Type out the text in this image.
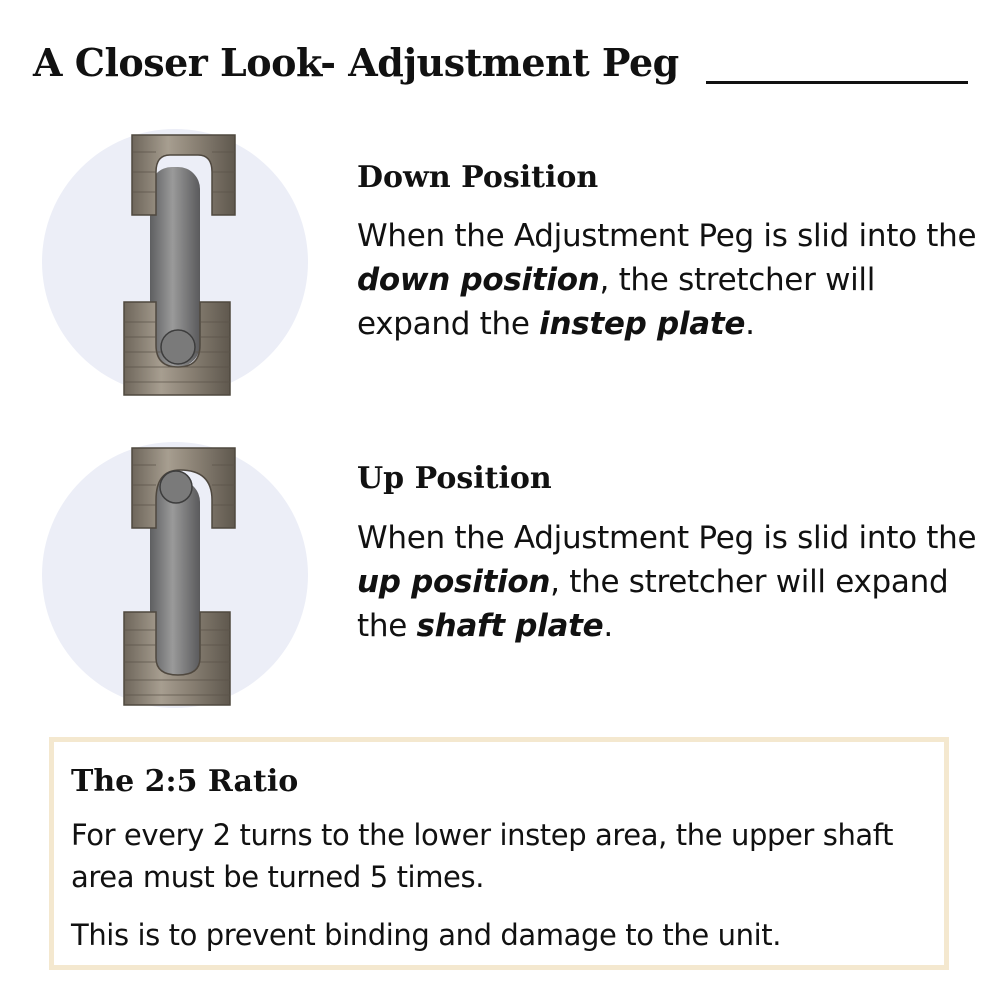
A Closer Look- Adjustment Peg
Down Position
When the Adjustment Peg is slid into the down position, the stretcher will expand the instep plate.
Up Position
When the Adjustment Peg is slid into the up position, the stretcher will expand the shaft plate.
The 2:5 Ratio
For every 2 turns to the lower instep area, the upper shaft area must be turned 5 times.
This is to prevent binding and damage to the unit.
